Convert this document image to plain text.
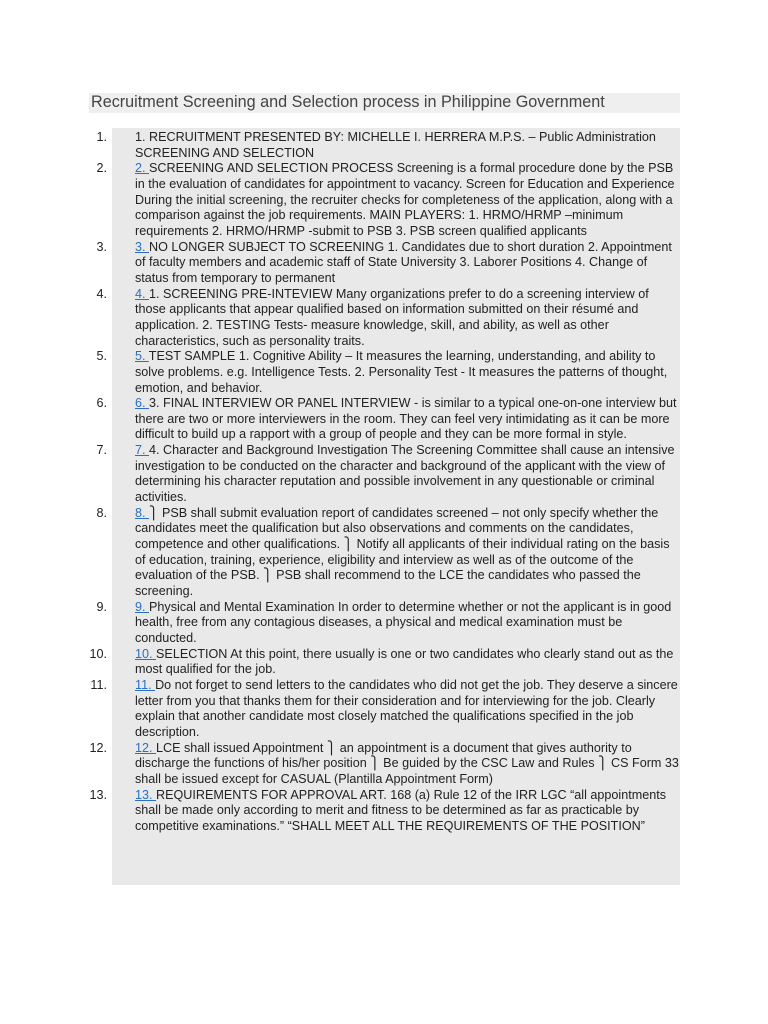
Recruitment Screening and Selection process in Philippine Government
1. 1. RECRUITMENT PRESENTED BY: MICHELLE I. HERRERA M.P.S. – Public Administration SCREENING AND SELECTION
2. 2. SCREENING AND SELECTION PROCESS Screening is a formal procedure done by the PSB in the evaluation of candidates for appointment to vacancy. Screen for Education and Experience During the initial screening, the recruiter checks for completeness of the application, along with a comparison against the job requirements. MAIN PLAYERS: 1. HRMO/HRMP –minimum requirements 2. HRMO/HRMP -submit to PSB 3. PSB screen qualified applicants
3. 3. NO LONGER SUBJECT TO SCREENING 1. Candidates due to short duration 2. Appointment of faculty members and academic staff of State University 3. Laborer Positions 4. Change of status from temporary to permanent
4. 4. 1. SCREENING PRE-INTEVIEW Many organizations prefer to do a screening interview of those applicants that appear qualified based on information submitted on their résumé and application. 2. TESTING Tests- measure knowledge, skill, and ability, as well as other characteristics, such as personality traits.
5. 5. TEST SAMPLE 1. Cognitive Ability – It measures the learning, understanding, and ability to solve problems. e.g. Intelligence Tests. 2. Personality Test - It measures the patterns of thought, emotion, and behavior.
6. 6. 3. FINAL INTERVIEW OR PANEL INTERVIEW - is similar to a typical one-on-one interview but there are two or more interviewers in the room. They can feel very intimidating as it can be more difficult to build up a rapport with a group of people and they can be more formal in style.
7. 7. 4. Character and Background Investigation The Screening Committee shall cause an intensive investigation to be conducted on the character and background of the applicant with the view of determining his character reputation and possible involvement in any questionable or criminal activities.
8. 8. ⎫ PSB shall submit evaluation report of candidates screened – not only specify whether the candidates meet the qualification but also observations and comments on the candidates, competence and other qualifications. ⎫ Notify all applicants of their individual rating on the basis of education, training, experience, eligibility and interview as well as of the outcome of the evaluation of the PSB. ⎫ PSB shall recommend to the LCE the candidates who passed the screening.
9. 9. Physical and Mental Examination In order to determine whether or not the applicant is in good health, free from any contagious diseases, a physical and medical examination must be conducted.
10. 10. SELECTION At this point, there usually is one or two candidates who clearly stand out as the most qualified for the job.
11. 11. Do not forget to send letters to the candidates who did not get the job. They deserve a sincere letter from you that thanks them for their consideration and for interviewing for the job. Clearly explain that another candidate most closely matched the qualifications specified in the job description.
12. 12. LCE shall issued Appointment ⎫ an appointment is a document that gives authority to discharge the functions of his/her position ⎫ Be guided by the CSC Law and Rules ⎫ CS Form 33 shall be issued except for CASUAL (Plantilla Appointment Form)
13. 13. REQUIREMENTS FOR APPROVAL ART. 168 (a) Rule 12 of the IRR LGC “all appointments shall be made only according to merit and fitness to be determined as far as practicable by competitive examinations.” “SHALL MEET ALL THE REQUIREMENTS OF THE POSITION”
